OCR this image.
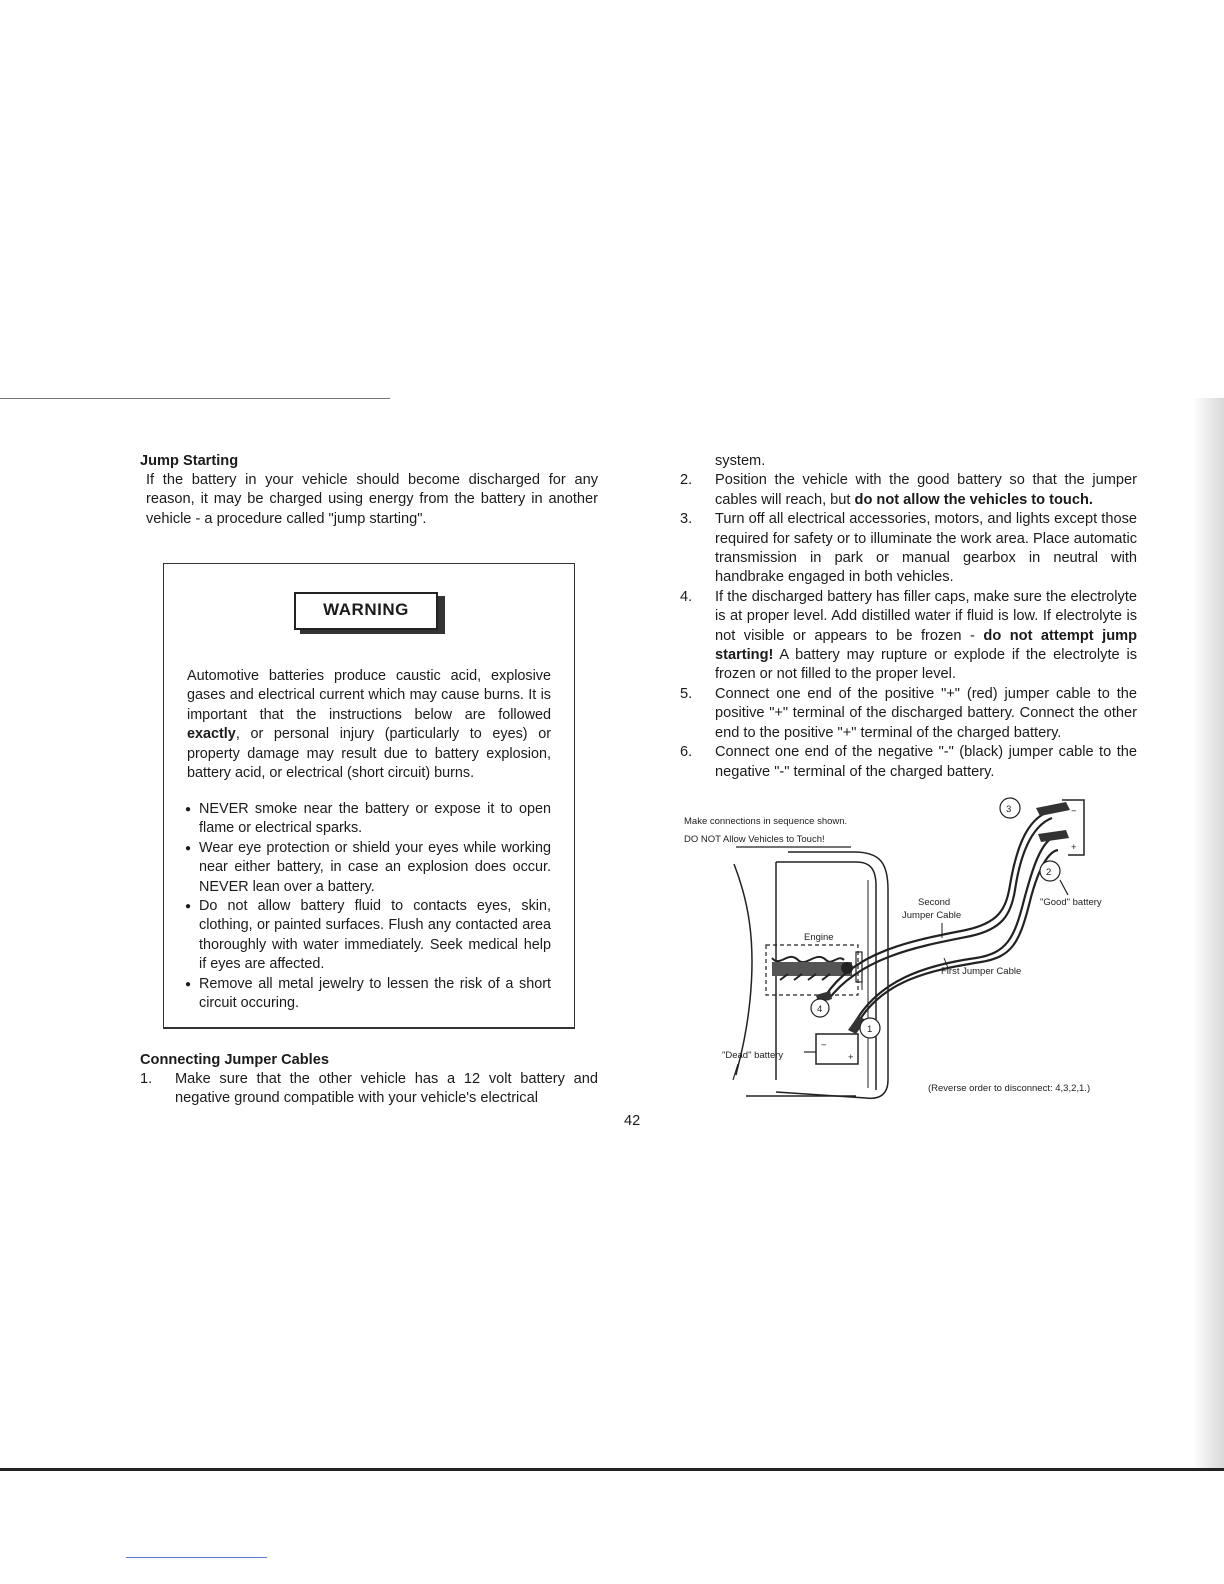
Jump Starting

If the battery in your vehicle should become discharged for any reason, it may be charged using energy from the battery in another vehicle - a procedure called "jump starting".

WARNING
Automotive batteries produce caustic acid, explosive gases and electrical current which may cause burns. It is important that the instructions below are followed exactly, or personal injury (particularly to eyes) or property damage may result due to battery explosion, battery acid, or electrical (short circuit) burns.
● NEVER smoke near the battery or expose it to open flame or electrical sparks.
● Wear eye protection or shield your eyes while working near either battery, in case an explosion does occur. NEVER lean over a battery.
● Do not allow battery fluid to contacts eyes, skin, clothing, or painted surfaces. Flush any contacted area thoroughly with water immediately. Seek medical help if eyes are affected.
● Remove all metal jewelry to lessen the risk of a short circuit occuring.
Connecting Jumper Cables
1. Make sure that the other vehicle has a 12 volt battery and negative ground compatible with your vehicle's electrical

system.

2. Position the vehicle with the good battery so that the jumper cables will reach, but do not allow the vehicles to touch.
3. Turn off all electrical accessories, motors, and lights except those required for safety or to illuminate the work area. Place automatic transmission in park or manual gearbox in neutral with handbrake engaged in both vehicles.
4. If the discharged battery has filler caps, make sure the electrolyte is at proper level. Add distilled water if fluid is low. If electrolyte is not visible or appears to be frozen - do not attempt jump starting! A battery may rupture or explode if the electrolyte is frozen or not filled to the proper level.
5. Connect one end of the positive "+" (red) jumper cable to the positive "+" terminal of the discharged battery. Connect the other end to the positive "+" terminal of the charged battery.
6. Connect one end of the negative "-" (black) jumper cable to the negative "-" terminal of the charged battery.
Make connections in sequence shown.
DO NOT Allow Vehicles to Touch!
Engine
−
+
"Dead" battery
−
+
"Good" battery
3
2
1
4
Second
Jumper Cable
First Jumper Cable
(Reverse order to disconnect: 4,3,2,1.)
42
